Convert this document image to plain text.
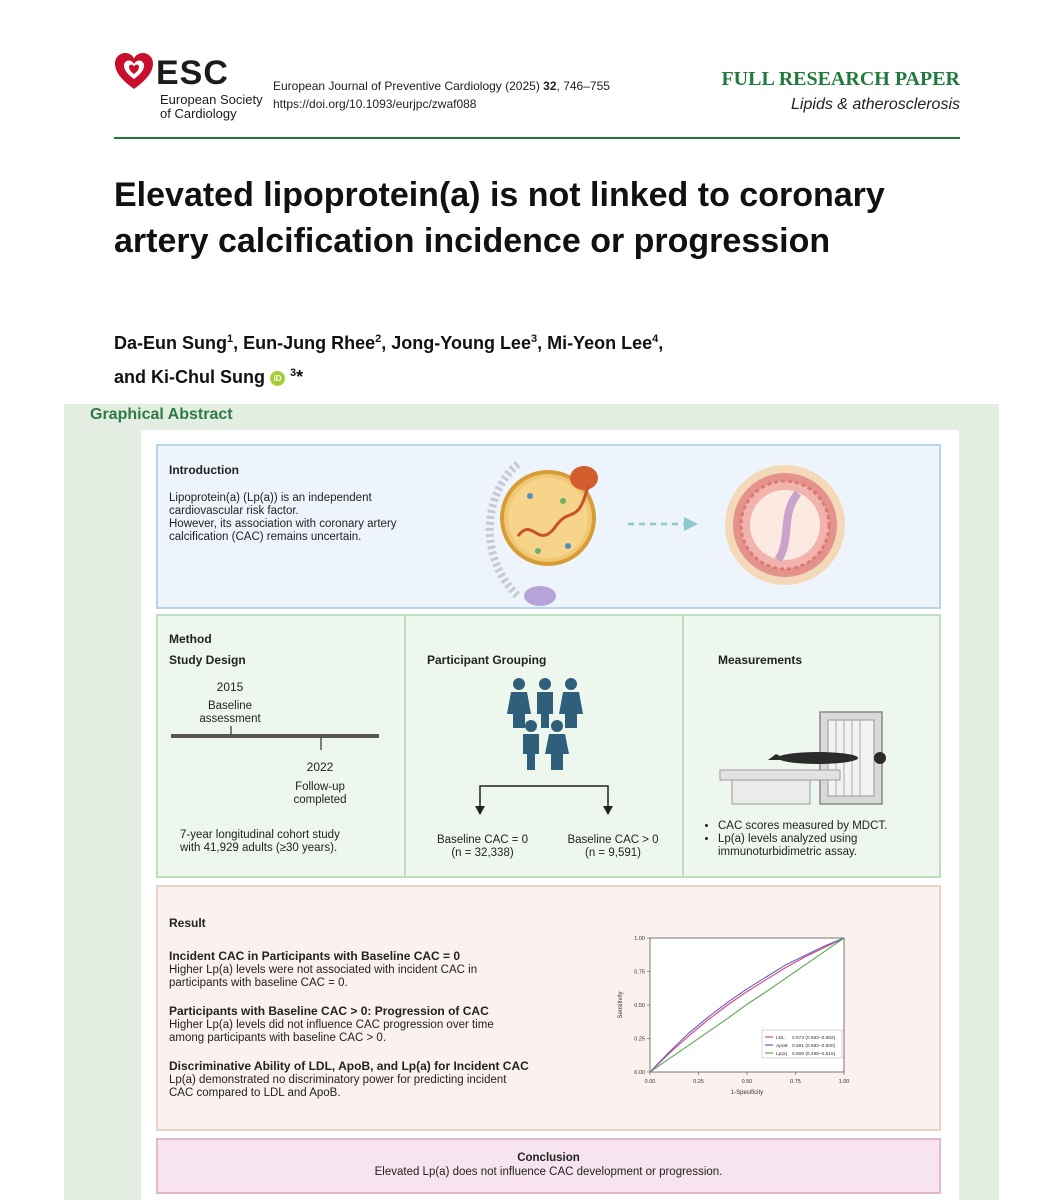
ESC
European Society
of Cardiology
European Journal of Preventive Cardiology (2025) 32, 746–755
https://doi.org/10.1093/eurjpc/zwaf088
FULL RESEARCH PAPER
Lipids & atherosclerosis
Elevated lipoprotein(a) is not linked to coronary artery calcification incidence or progression
Da-Eun Sung$^1$, Eun-Jung Rhee$^2$, Jong-Young Lee$^3$, Mi-Yeon Lee$^4$,
and Ki-Chul Sung iD $^3$*
Graphical Abstract
Introduction
Lipoprotein(a) (Lp(a)) is an independent
cardiovascular risk factor.
However, its association with coronary artery
calcification (CAC) remains uncertain.
Method
Study Design
2015
Baseline
assessment
2022
Follow-up
completed
7-year longitudinal cohort study
with 41,929 adults (≥30 years).
Participant Grouping
Baseline CAC = 0
(n = 32,338)
Baseline CAC > 0
(n = 9,591)
Measurements
• CAC scores measured by MDCT.
• Lp(a) levels analyzed using
immunoturbidimetric assay.
Result
Incident CAC in Participants with Baseline CAC = 0
Higher Lp(a) levels were not associated with incident CAC in
participants with baseline CAC = 0.
Participants with Baseline CAC > 0: Progression of CAC
Higher Lp(a) levels did not influence CAC progression over time
among participants with baseline CAC > 0.
Discriminative Ability of LDL, ApoB, and Lp(a) for Incident CAC
Lp(a) demonstrated no discriminatory power for predicting incident
CAC compared to LDL and ApoB.
0.00
0.00
0.25
0.25
0.50
0.50
0.75
0.75
1.00
1.00
1-Specificity
Sensitivity
LDL 0.573 (0.563–0.582)
ApoB 0.591 (0.582–0.600)
Lp(a) 0.506 (0.496–0.515)
Conclusion
Elevated Lp(a) does not influence CAC development or progression.
